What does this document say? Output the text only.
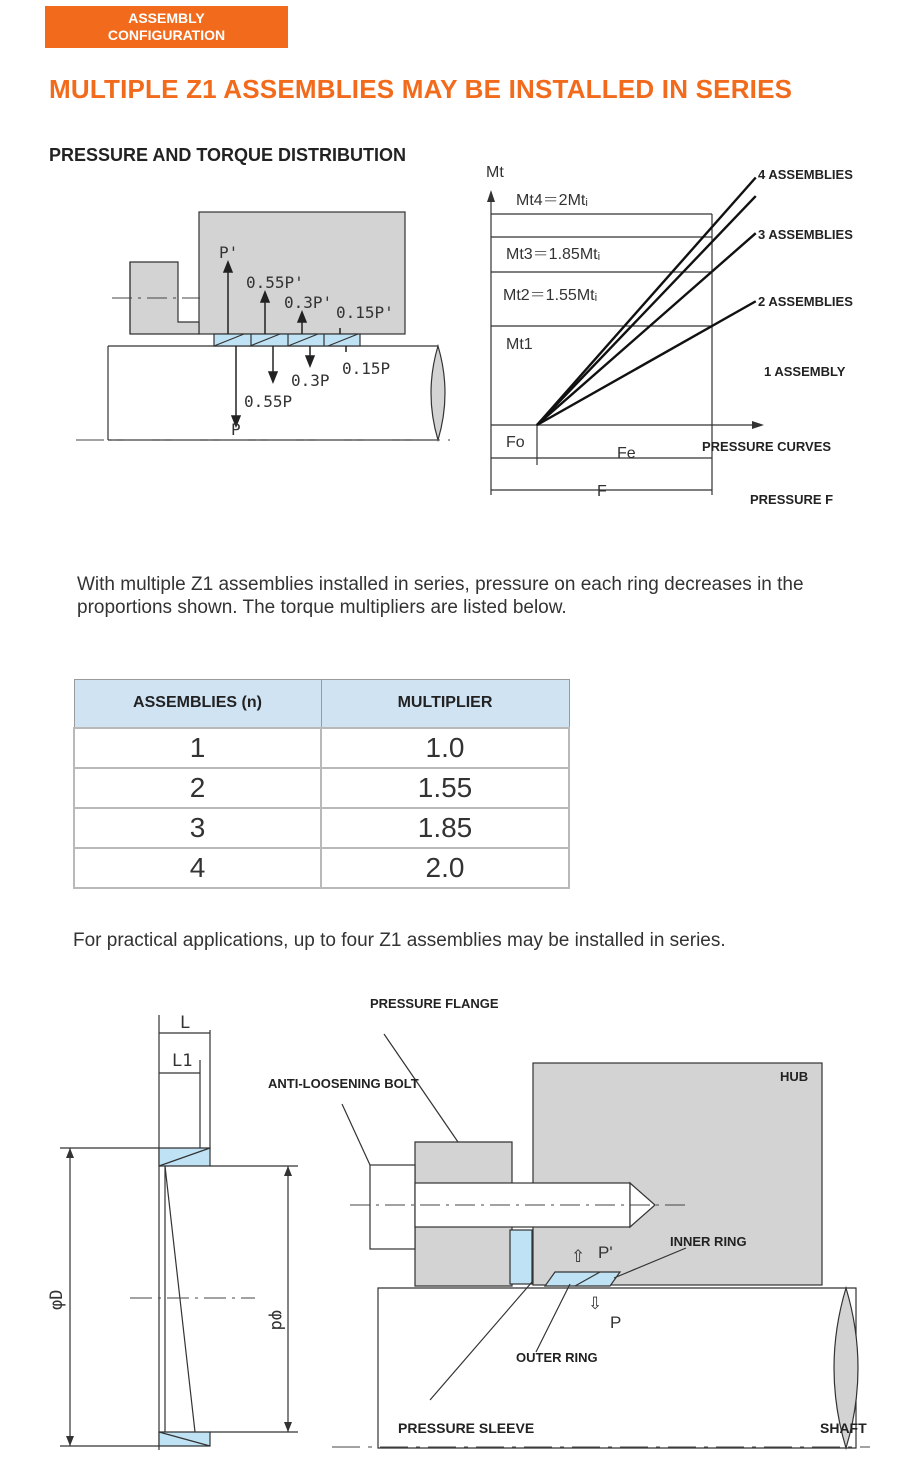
ASSEMBLY
CONFIGURATION
MULTIPLE Z1 ASSEMBLIES MAY BE INSTALLED IN SERIES
PRESSURE AND TORQUE DISTRIBUTION
P'
0.55P'
0.3P'
0.15P'
0.15P
0.3P
0.55P
P
Mt
Mt4＝2Mtᵢ
Mt3＝1.85Mtᵢ
Mt2＝1.55Mtᵢ
Mt1
Fo
Fe
F
4 ASSEMBLIES
3 ASSEMBLIES
2 ASSEMBLIES
1 ASSEMBLY
PRESSURE CURVES
PRESSURE F
With multiple Z1 assemblies installed in series, pressure on each ring decreases in the proportions shown. The torque multipliers are listed below.
ASSEMBLIES (n)	MULTIPLIER
1	1.0
2	1.55
3	1.85
4	2.0
For practical applications, up to four Z1 assemblies may be installed in series.
L
L1
φD
φd
PRESSURE FLANGE
ANTI-LOOSENING BOLT	HUB
INNER RING
OUTER RING
PRESSURE SLEEVE	SHAFT
⇧ P'
⇩
P
